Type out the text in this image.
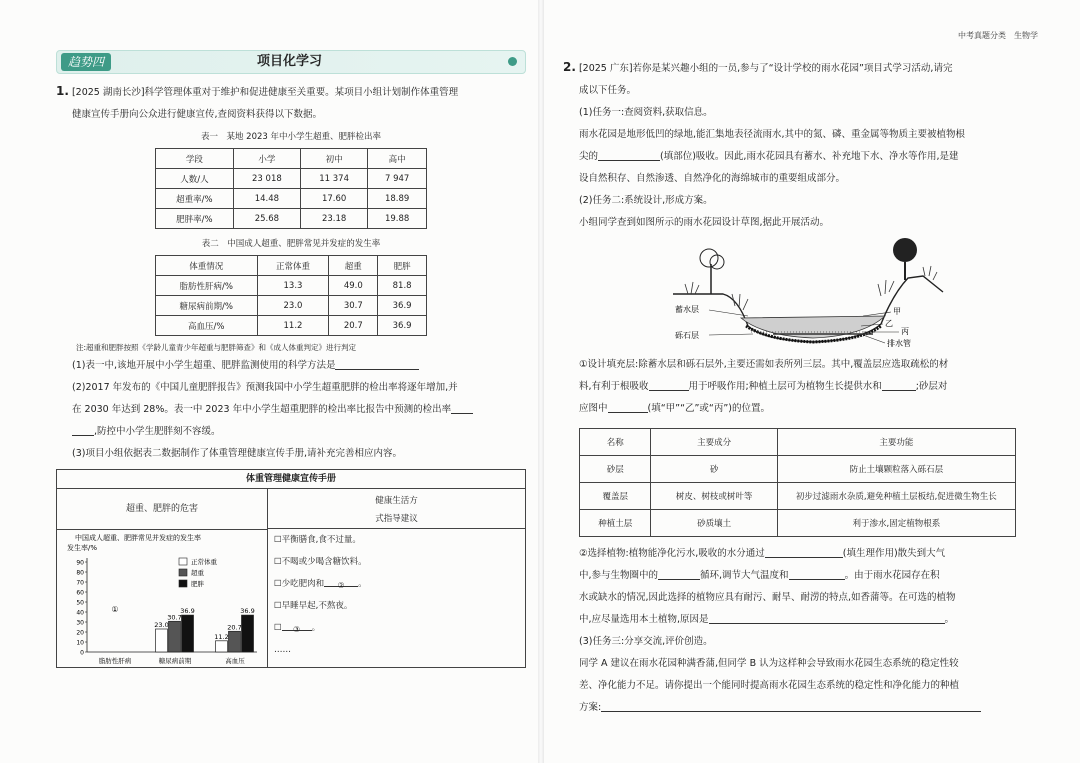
中考真题分类　生物学
趋势四	项目化学习

1. [2025 湖南长沙]科学管理体重对于维护和促进健康至关重要。某项目小组计划制作体重管理

健康宣传手册向公众进行健康宣传,查阅资料获得以下数据。

表一　某地 2023 年中小学生超重、肥胖检出率
学段	小学	初中	高中
人数/人	23 018	11 374	7 947
超重率/%	14.48	17.60	18.89
肥胖率/%	25.68	23.18	19.88
表二　中国成人超重、肥胖常见并发症的发生率
体重情况	正常体重	超重	肥胖
脂肪性肝病/%	13.3	49.0	81.8
糖尿病前期/%	23.0	30.7	36.9
高血压/%	11.2	20.7	36.9
注:超重和肥胖按照《学龄儿童青少年超重与肥胖筛查》和《成人体重判定》进行判定

(1)表一中,该地开展中小学生超重、肥胖监测使用的科学方法是

(2)2017 年发布的《中国儿童肥胖报告》预测我国中小学生超重肥胖的检出率将逐年增加,并

在 2030 年达到 28%。表一中 2023 年中小学生超重肥胖的检出率比报告中预测的检出率

,防控中小学生肥胖刻不容缓。

(3)项目小组依据表二数据制作了体重管理健康宣传手册,请补充完善相应内容。

体重管理健康宣传手册
超重、肥胖的危害
中国成人超重、肥胖常见并发症的发生率
发生率/%
0
10
20
30
40
50
60
70
80
90
脂肪性肝病	糖尿病前期
23.0
30.7
36.9
高血压
11.2
20.7
36.9
①
正常体重
超重
肥胖
健康生活方
式指导建议
☐平衡膳食,食不过量。
☐不喝或少喝含糖饮料。
☐少吃肥肉和 ② 。
☐早睡早起,不熬夜。
☐ ③ 。
……

2. [2025 广东]若你是某兴趣小组的一员,参与了“设计学校的雨水花园”项目式学习活动,请完

成以下任务。

(1)任务一:查阅资料,获取信息。

雨水花园是地形低凹的绿地,能汇集地表径流雨水,其中的氮、磷、重金属等物质主要被植物根

尖的	(填部位)吸收。因此,雨水花园具有蓄水、补充地下水、净水等作用,是建

设自然积存、自然渗透、自然净化的海绵城市的重要组成部分。

(2)任务二:系统设计,形成方案。

小组同学查到如图所示的雨水花园设计草图,据此开展活动。

蓄水层
砾石层
甲
乙
丙
排水管

①设计填充层:除蓄水层和砾石层外,主要还需如表所列三层。其中,覆盖层应选取疏松的材

料,有利于根吸收	用于呼吸作用;种植土层可为植物生长提供水和	;砂层对

应图中	(填“甲”“乙”或“丙”)的位置。

名称	主要成分	主要功能
砂层	砂	防止土壤颗粒落入砾石层
覆盖层	树皮、树枝或树叶等	初步过滤雨水杂质,避免种植土层板结,促进微生物生长
种植土层	砂质壤土	利于渗水,固定植物根系

②选择植物:植物能净化污水,吸收的水分通过	(填生理作用)散失到大气

中,参与生物圈中的	循环,调节大气温度和	。由于雨水花园存在积

水或缺水的情况,因此选择的植物应具有耐污、耐旱、耐涝的特点,如香蒲等。在可选的植物

中,应尽量选用本土植物,原因是	。

(3)任务三:分享交流,评价创造。

同学 A 建议在雨水花园种满香蒲,但同学 B 认为这样种会导致雨水花园生态系统的稳定性较

差、净化能力不足。请你提出一个能同时提高雨水花园生态系统的稳定性和净化能力的种植

方案:
